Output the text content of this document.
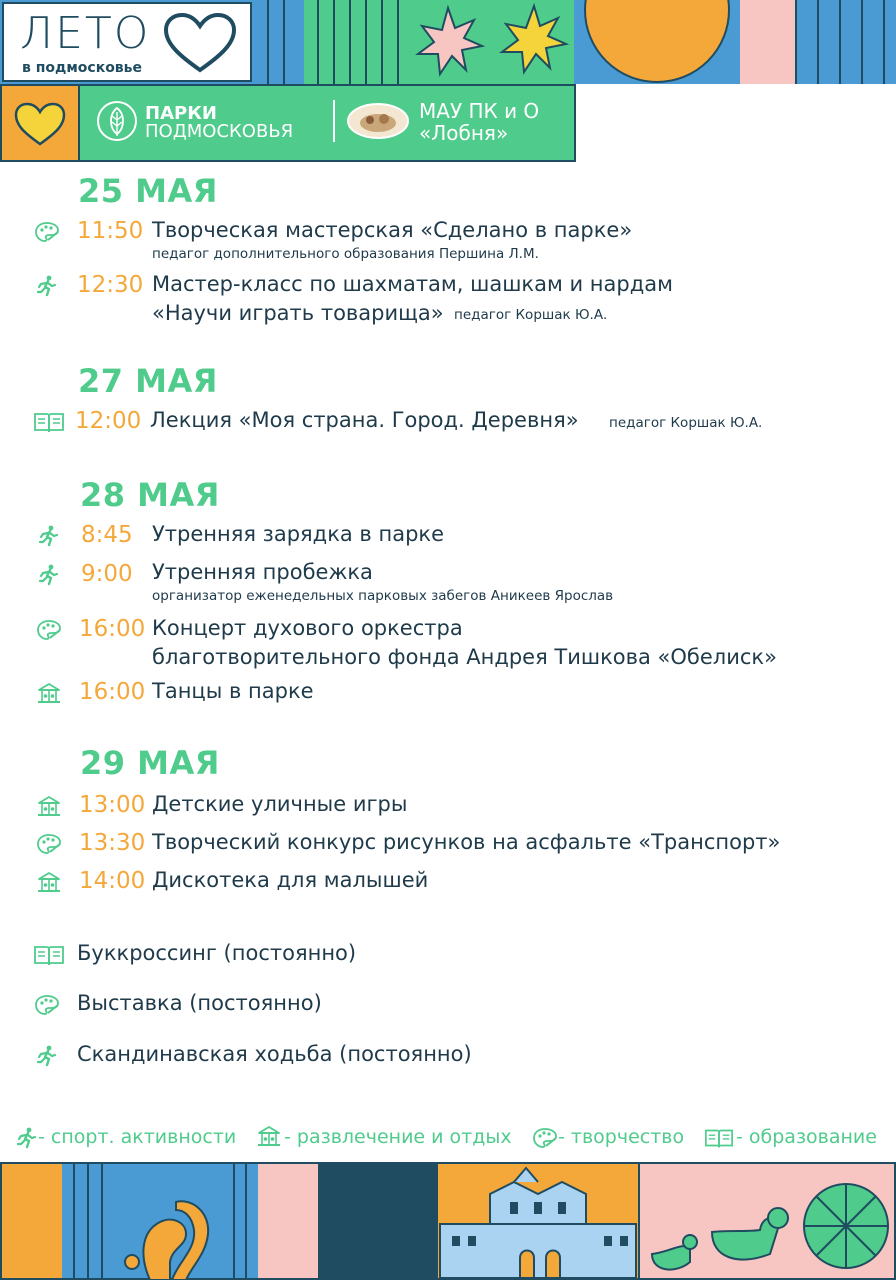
ЛЕТО
в подмосковье
ПАРКИ
ПОДМОСКОВЬЯ
МАУ ПК и О
«Лобня»
25 МАЯ
11:50 Творческая мастерская «Сделано в парке»
педагог дополнительного образования Першина Л.М.
12:30 Мастер-класс по шахматам, шашкам и нардам
«Научи играть товарища» педагог Коршак Ю.А.
27 МАЯ
12:00 Лекция «Моя страна. Город. Деревня» педагог Коршак Ю.А.
28 МАЯ
8:45 Утренняя зарядка в парке
9:00 Утренняя пробежка
организатор еженедельных парковых забегов Аникеев Ярослав
16:00 Концерт духового оркестра
благотворительного фонда Андрея Тишкова «Обелиск»
16:00 Танцы в парке
29 МАЯ
13:00 Детские уличные игры
13:30 Творческий конкурс рисунков на асфальте «Транспорт»
14:00 Дискотека для малышей
Буккроссинг (постоянно)
Выставка (постоянно)
Скандинавская ходьба (постоянно)
- спорт. активности	- развлечение и отдых - творчество	- образование
